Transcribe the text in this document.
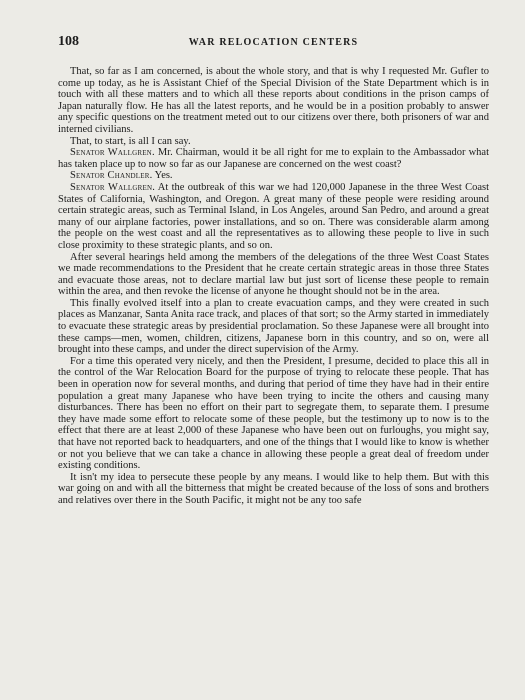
108	WAR RELOCATION CENTERS

That, so far as I am concerned, is about the whole story, and that is why I requested Mr. Gufler to come up today, as he is Assistant Chief of the Special Division of the State Department which is in touch with all these matters and to which all these reports about conditions in the prison camps of Japan naturally flow. He has all the latest reports, and he would be in a position probably to answer any specific questions on the treatment meted out to our citizens over there, both prisoners of war and interned civilians.

That, to start, is all I can say.

Senator Wallgren. Mr. Chairman, would it be all right for me to explain to the Ambassador what has taken place up to now so far as our Japanese are concerned on the west coast?

Senator Chandler. Yes.

Senator Wallgren. At the outbreak of this war we had 120,000 Japanese in the three West Coast States of California, Washington, and Oregon. A great many of these people were residing around certain strategic areas, such as Terminal Island, in Los Angeles, around San Pedro, and around a great many of our airplane factories, power installations, and so on. There was considerable alarm among the people on the west coast and all the representatives as to allowing these people to live in such close proximity to these strategic plants, and so on.

After several hearings held among the members of the delegations of the three West Coast States we made recommendations to the President that he create certain strategic areas in those three States and evacuate those areas, not to declare martial law but just sort of license these people to remain within the area, and then revoke the license of anyone he thought should not be in the area.

This finally evolved itself into a plan to create evacuation camps, and they were created in such places as Manzanar, Santa Anita race track, and places of that sort; so the Army started in immediately to evacuate these strategic areas by presidential proclamation. So these Japanese were all brought into these camps—men, women, children, citizens, Japanese born in this country, and so on, were all brought into these camps, and under the direct supervision of the Army.

For a time this operated very nicely, and then the President, I presume, decided to place this all in the control of the War Relocation Board for the purpose of trying to relocate these people. That has been in operation now for several months, and during that period of time they have had in their entire population a great many Japanese who have been trying to incite the others and causing many disturbances. There has been no effort on their part to segregate them, to separate them. I presume they have made some effort to relocate some of these people, but the testimony up to now is to the effect that there are at least 2,000 of these Japanese who have been out on furloughs, you might say, that have not reported back to headquarters, and one of the things that I would like to know is whether or not you believe that we can take a chance in allowing these people a great deal of freedom under existing conditions.

It isn't my idea to persecute these people by any means. I would like to help them. But with this war going on and with all the bitterness that might be created because of the loss of sons and brothers and relatives over there in the South Pacific, it might not be any too safe
